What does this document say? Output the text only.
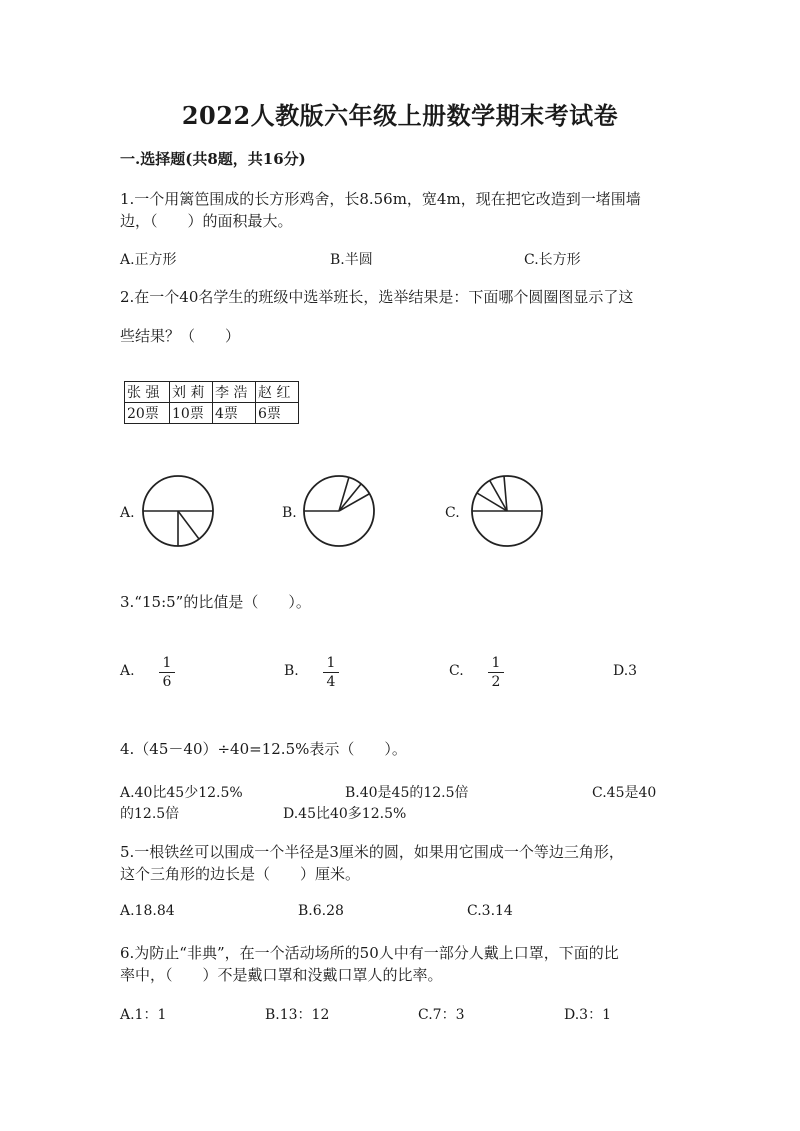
2022人教版六年级上册数学期末考试卷
一.选择题(共8题，共16分)
1.一个用篱笆围成的长方形鸡舍，长8.56m，宽4m，现在把它改造到一堵围墙
边，（　　）的面积最大。
A.正方形	B.半圆	C.长方形
2.在一个40名学生的班级中选举班长，选举结果是：下面哪个圆圈图显示了这
些结果？（　　）
张 强	刘 莉	李 浩	赵 红
20票	10票	4票	6票
A.	B.	C.
3.“15:5”的比值是（　　）。
A.	1
6
B.	1
4
C.	1
2
D.3
4.（45－40）÷40=12.5%表示（　　）。
A.40比45少12.5%	B.40是45的12.5倍	C.45是40
的12.5倍	D.45比40多12.5%
5.一根铁丝可以围成一个半径是3厘米的圆，如果用它围成一个等边三角形，
这个三角形的边长是（　　）厘米。
A.18.84	B.6.28	C.3.14
6.为防止“非典”，在一个活动场所的50人中有一部分人戴上口罩，下面的比
率中，（　　）不是戴口罩和没戴口罩人的比率。
A.1：1	B.13：12	C.7：3	D.3：1
